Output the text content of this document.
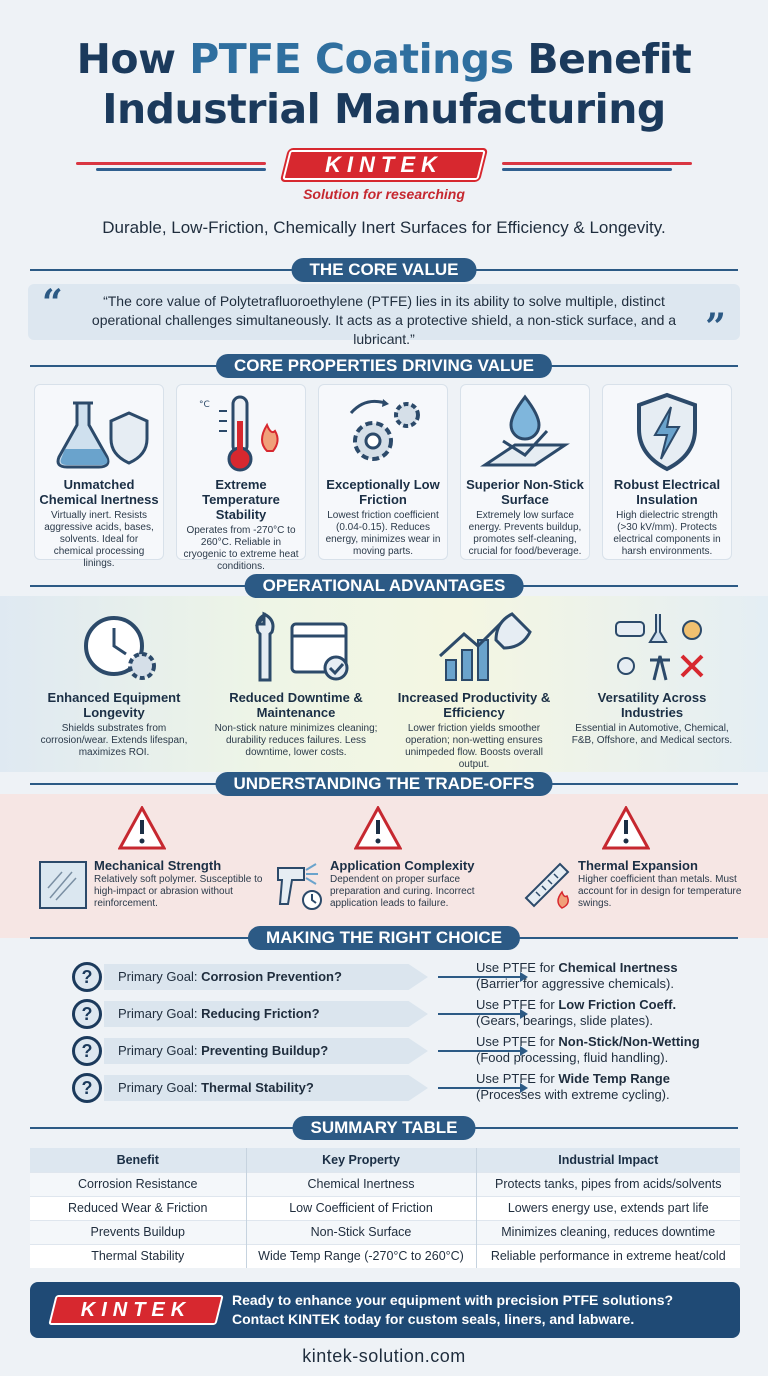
How PTFE Coatings Benefit
Industrial Manufacturing
KINTEK
Solution for researching
Durable, Low-Friction, Chemically Inert Surfaces for Efficiency & Longevity.
THE CORE VALUE
“
”
“The core value of Polytetrafluoroethylene (PTFE) lies in its ability to solve multiple, distinct operational challenges simultaneously. It acts as a protective shield, a non-stick surface, and a lubricant.”
CORE PROPERTIES DRIVING VALUE
Unmatched Chemical Inertness

Virtually inert. Resists aggressive acids, bases, solvents. Ideal for chemical processing linings.

°C
Extreme Temperature Stability

Operates from -270°C to 260°C. Reliable in cryogenic to extreme heat conditions.

Exceptionally Low Friction

Lowest friction coefficient (0.04-0.15). Reduces energy, minimizes wear in moving parts.

Superior Non-Stick Surface

Extremely low surface energy. Prevents buildup, promotes self-cleaning, crucial for food/beverage.

Robust Electrical Insulation

High dielectric strength (>30 kV/mm). Protects electrical components in harsh environments.

OPERATIONAL ADVANTAGES
Enhanced Equipment Longevity

Shields substrates from corrosion/wear. Extends lifespan, maximizes ROI.

Reduced Downtime & Maintenance

Non-stick nature minimizes cleaning; durability reduces failures. Less downtime, lower costs.

Increased Productivity & Efficiency

Lower friction yields smoother operation; non-wetting ensures unimpeded flow. Boosts overall output.

Versatility Across Industries

Essential in Automotive, Chemical, F&B, Offshore, and Medical sectors.

UNDERSTANDING THE TRADE-OFFS
Mechanical Strength

Relatively soft polymer. Susceptible to high-impact or abrasion without reinforcement.

Application Complexity

Dependent on proper surface preparation and curing. Incorrect application leads to failure.

Thermal Expansion

Higher coefficient than metals. Must account for in design for temperature swings.

MAKING THE RIGHT CHOICE
?	Primary Goal: Corrosion Prevention?
Use PTFE for Chemical Inertness
(Barrier for aggressive chemicals).
?	Primary Goal: Reducing Friction?
Use PTFE for Low Friction Coeff.
(Gears, bearings, slide plates).
?	Primary Goal: Preventing Buildup?
Use PTFE for Non-Stick/Non-Wetting
(Food processing, fluid handling).
?	Primary Goal: Thermal Stability?
Use PTFE for Wide Temp Range
(Processes with extreme cycling).
SUMMARY TABLE
Benefit	Key Property	Industrial Impact
Corrosion Resistance	Chemical Inertness	Protects tanks, pipes from acids/solvents
Reduced Wear & Friction	Low Coefficient of Friction	Lowers energy use, extends part life
Prevents Buildup	Non-Stick Surface	Minimizes cleaning, reduces downtime
Thermal Stability	Wide Temp Range (-270°C to 260°C)	Reliable performance in extreme heat/cold
KINTEK	Ready to enhance your equipment with precision PTFE solutions?
Contact KINTEK today for custom seals, liners, and labware.
kintek-solution.com
